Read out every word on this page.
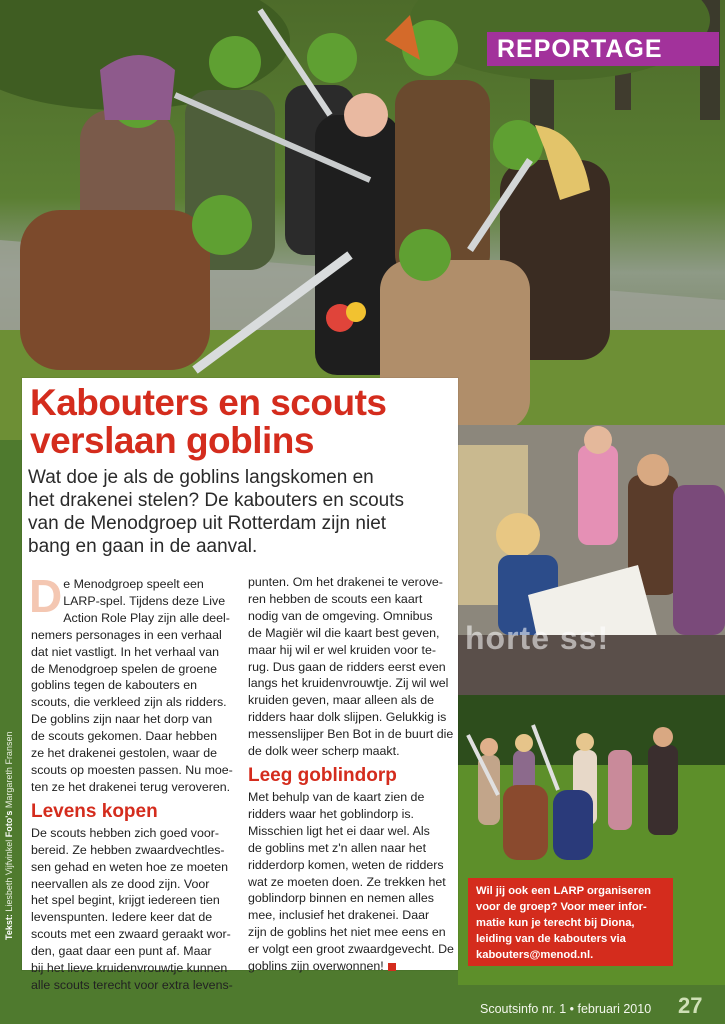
REPORTAGE
horte ss!
Kabouters en scouts
verslaan goblins
Wat doe je als de goblins langskomen en
het drakenei stelen? De kabouters en scouts
van de Menodgroep uit Rotterdam zijn niet
bang en gaan in de aanval.
D e Menodgroep speelt een

LARP-spel. Tijdens deze Live

Action Role Play zijn alle deel-

nemers personages in een verhaal

dat niet vastligt. In het verhaal van

de Menodgroep spelen de groene

goblins tegen de kabouters en

scouts, die verkleed zijn als ridders.

De goblins zijn naar het dorp van

de scouts gekomen. Daar hebben

ze het drakenei gestolen, waar de

scouts op moesten passen. Nu moe-

ten ze het drakenei terug veroveren.

Levens kopen

De scouts hebben zich goed voor-

bereid. Ze hebben zwaardvechtles-

sen gehad en weten hoe ze moeten

neervallen als ze dood zijn. Voor

het spel begint, krijgt iedereen tien

levenspunten. Iedere keer dat de

scouts met een zwaard geraakt wor-

den, gaat daar een punt af. Maar

bij het lieve kruidenvrouwtje kunnen

alle scouts terecht voor extra levens-

punten. Om het drakenei te verove-

ren hebben de scouts een kaart

nodig van de omgeving. Omnibus

de Magiër wil die kaart best geven,

maar hij wil er wel kruiden voor te-

rug. Dus gaan de ridders eerst even

langs het kruidenvrouwtje. Zij wil wel

kruiden geven, maar alleen als de

ridders haar dolk slijpen. Gelukkig is

messenslijper Ben Bot in de buurt die

de dolk weer scherp maakt.

Leeg goblindorp

Met behulp van de kaart zien de

ridders waar het goblindorp is.

Misschien ligt het ei daar wel. Als

de goblins met z'n allen naar het

ridderdorp komen, weten de ridders

wat ze moeten doen. Ze trekken het

goblindorp binnen en nemen alles

mee, inclusief het drakenei. Daar

zijn de goblins het niet mee eens en

er volgt een groot zwaardgevecht. De

goblins zijn overwonnen!

Tekst: Liesbeth Vijfvinkel Foto's Margareth Fransen

Wil jij ook een LARP organiseren

voor de groep? Voor meer infor-

matie kun je terecht bij Diona,

leiding van de kabouters via

kabouters@menod.nl.

Scoutsinfo nr. 1 • februari 2010 27
